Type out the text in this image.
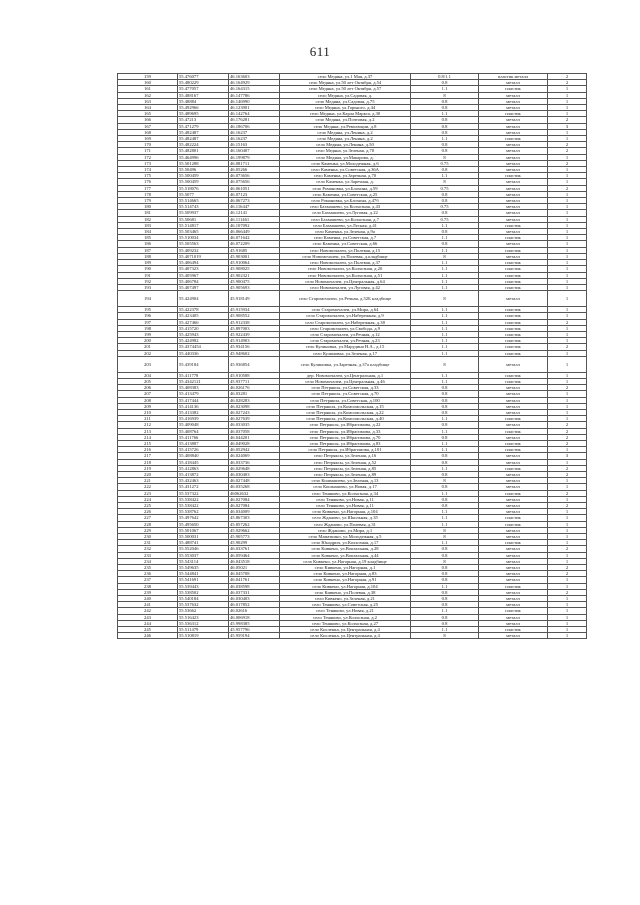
611
159	55.476077	46.163603	село Медяна, ул.1 Мая, д.37	0.8/1.1	пластик металл	2
160	55.480229	46.164929	село Медяна, ул.50 лет Октября, д.54	0.8	металл	2
161	55.477057	46.164315	село Медяна, ул.50 лет Октября, д.57	1.1	пластик	1
162	55.488167	46.147786	село Медяна, ул.Садовая, д.	8	металл	1
163	55.48884	46.146990	село Медяна, ул.Садовая, д.75	0.8	металл	1
164	55.492966	46.123901	село Медяна, ул.Горького, д.44	0.8	металл	1
165	55.489695	46.142764	село Медяна, ул.Карла Маркса, д.30	1.1	пластик	1
166	55.47213	46.176281	село Медяна, ул.Почтовая, д.2	0.8	металл	2
167	55.471279	46.186706	село Медяна, ул.Революции, д.8	0.8	металл	3
168	55.482487	46.16237	село Медяна, ул.Ленина, д.2	0.8	металл	1
169	55.482487	46.16237	село Медяна, ул.Ленина, д.2	1.1	пластик	1
170	55.482224	46.15163	село Медяна, ул.Ленина, д.50	0.8	металл	2
171	55.482801	46.160407	село Медяна, ул.Зеленая, д.70	0.8	металл	2
172	55.464996	46.199879	село Медяна, ул.Макарова, д.	8	металл	1
173	55.501288	46.081711	село Каменка, ул.Молодежная, д.6	0.75	металл	2
174	55.50496	46.05266	село Каменка, ул.Советская, д.36А	0.8	металл	1
175	55.500459	46.073656	село Каменка, ул.Заречная, д.70	1.1	пластик	1
176	55.500459	46.075656	село Каменка, ул.Заречная, д.	8	металл	1
177	55.518076	46.061051	село Романовка, ул.Блохина, д.59	0.75	металл	2
178	55.5077	46.07123	село Каменка, ул.Советская, д.25	0.8	металл	1
179	55.514665	46.067273	село Романовка, ул.Блохина, д.47б	0.8	металл	1
180	55.514743	46.116447	село Бахмашево, ул.Колхозная, д.43	0.75	металл	1
181	55.509937	46.12141	село Бахмашево, ул.Луговая, д.22	0.8	металл	1
182	55.50681	46.111461	село Бахмашево, ул.Колхозная, д.7	0.75	металл	1
183	55.514817	46.107092	село Бахмашево, ул.Лесная, д.41	1.1	пластик	1
184	55.503465	46.066449	село Каменка, ул.Зеленая, д.9а	0.8	металл	1
185	55.510034	46.071642	село Каменка, ул.Советская, д.7	1.1	пластик	1
186	55.505563	46.072209	село Каменка, ул.Советская, д.66	0.8	металл	1
187	55.409232	45.91685	село Новомочалеи, ул.Полевая, д.15	1.1	пластик	1
188	55.4071019	45.903001	село Новомочалеи, ул.Полевая, д.кладбище	8	металл	1
189	55.406494	45.910064	село Новомочалеи, ул.Полевая, д.37	1.1	пластик	1
190	55.407323	45.908025	село Новомочалеи, ул.Колхозная, д.20	1.1	пластик	1
191	55.405967	45.902321	село Новомочалеи, ул.Колхозная, д.51	1.1	пластик	1
192	55.406784	45.900475	село Новомочалеи, ул.Центральная, д.64	1.1	пластик	1
193	55.407497	45.905693	село Новомочалеи, ул.Луговая, д.42	1.1	пластик	1
194	55.424904	45.918149	село Старомочалеи, ул.Речная, д.52Б кладбище	8	металл	1
195	55.422378	45.915934	село Старомочалеи, ул.Мира, д.64	1.1	пластик	1
196	55.423405	45.908552	село Старомочалеи, ул.Набережная, д.9	1.1	пластик	1
197	55.427466	45.912338	село Старомочалеи, ул.Набережная, д.38	1.1	пластик	2
198	55.415720	45.897003	село Старомочалеи, ул.Свобода, д.9	1.1	пластик	1
199	55.425943	45.922439	село Старомочалеи, ул.Речная, д.12	1.1	пластик	1
200	55.424982	45.914903	село Старомочалеи, ул.Речная, д.23	1.1	пластик	1
201	55.4374454	45.934156	село Кулиновка, ул.Марудина Н.А., д.15	1.1	пластик	2
202	55.440336	45.948602	село Кулиновка, ул.Зеленая, д.17	1.1	пластик	1
203	55.439184	45.936854	село Кулиновка, ул.Заречная, д.37а кладбище	8	металл	1
204	55.411778	45.910588	дер. Новомочалеи, ул.Центральная, д.1	1.1	пластик	1
205	55.4342121	45.937711	село Новомочалеи, ул.Центральная, д.46	1.1	пластик	1
206	55.408383	46.026176	село Петряксы, ул.Советская, д.33	0.8	металл	2
207	55.413479	46.03281	село Петряксы, ул.Советская, д.70	0.8	металл	1
208	55.417444	46.028283	село Петряксы, ул.Советская, д.100	0.8	металл	1
209	55.414136	46.023098	село Петряксы, ул.Комсомольская, д.15	0.8	металл	1
210	55.413382	46.027243	село Петряксы, ул.Комсомольская, д.22	0.8	металл	1
211	55.416939	46.027639	село Петряксы, ул.Комсомольская, д.40	1.1	пластик	1
212	55.409048	46.033035	село Петряксы, ул.Ибрагимова, д.22	0.8	металл	2
213	55.408764	46.037058	село Петряксы, ул.Ибрагимова, д.33	1.1	пластик	2
214	55.411766	46.044201	село Петряксы, ул.Ибрагимова, д.70	0.8	металл	2
215	55.413887	46.049028	село Петряксы, ул.Ибрагимова, д.83	1.1	пластик	2
216	55.415726	46.052942	село Петряксы, ул.Ибрагимова, д.101	1.1	пластик	1
217	55.408840	46.024069	село Петряксы, ул.Зеленая, д.16	0.8	металл	3
218	55.418445	46.033736	село Петряксы, ул.Зеленая, д.52	0.8	металл	1
219	55.412863	46.029648	село Петряксы, ул.Зеленая, д.85	1.1	пластик	2
220	55.413872	46.030403	село Петряксы, ул.Зеленая, д.89	0.8	металл	2
221	55.432463	46.027448	село Кошмашево, ул.Зеленая, д.13	8	металл	1
222	55.431272	46.035268	село Кошмашево, ул.Новая, д.17	0.8	металл	1
223	55.537322	46062632	село Теняково, ул.Колхозная, д.34	1.1	пластик	2
224	55.538422	46.027084	село Теняково, ул.Новая, д.11	0.8	металл	1
225	55.538422	46.027084	село Теняково, ул.Новая, д.11	0.8	металл	2
226	55.538762	46.034009	село Кивкено, ул.Нагорная, д.104	1.1	металл	1
227	55.497642	45.867303	село Жданово, ул.Школьная, д.35	1.1	пластик	1
228	55.495650	45.857262	село Жданово, ул.Полевая, д.31	1.1	пластик	1
229	55.501067	45.929662	село Жданово, ул.Мира, д.1	8	металл	1
230	55.500031	45.905773	село Маматкино, ул.Молодежная, д.5	8	металл	1
231	55.488741	45.90299	село Юнадрич, ул.Колхозная, д.17	1.1	пластик	1
232	55.552046	46.033761	село Кивкено, ул.Вокзальная, д.28	0.8	металл	2
233	55.553037	46.059464	село Кивкено, ул.Вокзальная, д.44	0.8	металл	1
234	55.543114	46.043518	село Кивкено, ул.Нагорная, д.19 кладбище	8	металл	1
235	55.549635	46.05021	село Кивкено, ул.Нагорная, д.1	0.8	металл	2
236	55.544841	46.045708	село Кивкено, ул.Нагорная, д.83	0.8	металл	2
237	55.541691	46.041761	село Кивкено, ул.Нагорная, д.91	0.8	металл	1
238	55.539443	46.038598	село Кивкено, ул.Нагорная, д.104	1.1	пластик	1
239	55.538502	46.037331	село Кивкено, ул.Полевая, д.38	0.8	металл	2
240	55.540184	46.030403	село Кивкено, ул.Зеленая, д.21	0.8	металл	1
241	55.537632	46.017852	село Теняково, ул.Советская, д.25	0.8	металл	1
242	55.53662	46.02616	село Теняково, ул.Новая, д.21	1.1	пластик	1
243	55.516423	46.006918	село Теняково, ул.Колхозная, д.2	0.8	металл	1
244	55.536312	45.998385	село Теняково, ул.Колхозная, д.27	0.8	металл	1
245	55.511479	45.957796	село Кисленка, ул.Центральная, д.4	1.1	пластик	1
246	55.510819	45.959194	село Кисленка, ул.Центральная, д.4	8	металл	1
